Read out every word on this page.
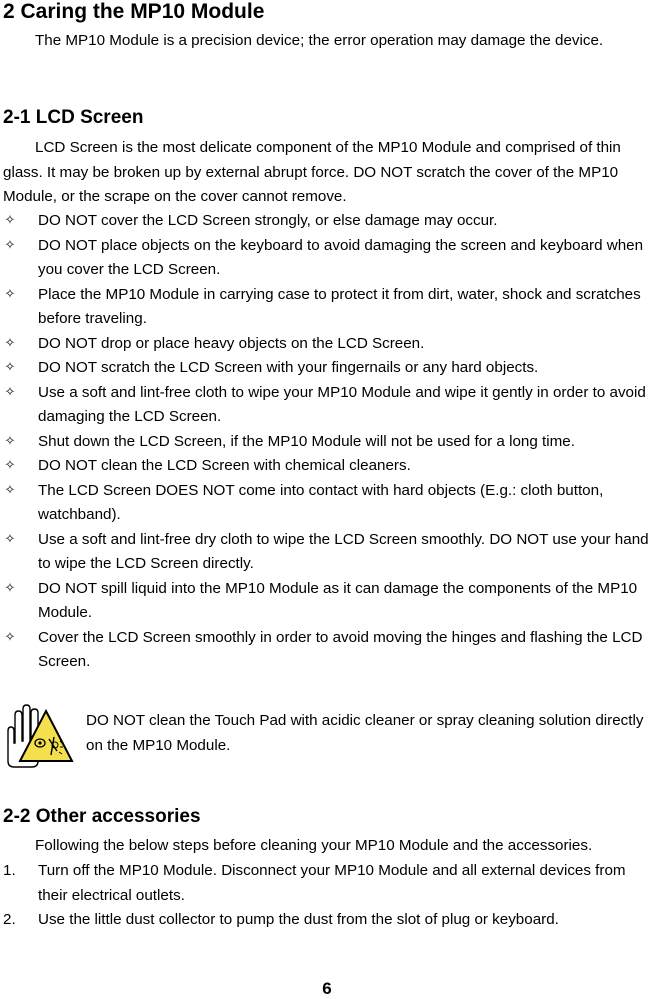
2 Caring the MP10 Module

The MP10 Module is a precision device; the error operation may damage the device.

2-1 LCD Screen

LCD Screen is the most delicate component of the MP10 Module and comprised of thin glass. It may be broken up by external abrupt force. DO NOT scratch the cover of the MP10 Module, or the scrape on the cover cannot remove.

✧ DO NOT cover the LCD Screen strongly, or else damage may occur.
✧ DO NOT place objects on the keyboard to avoid damaging the screen and keyboard when you cover the LCD Screen.
✧ Place the MP10 Module in carrying case to protect it from dirt, water, shock and scratches before traveling.
✧ DO NOT drop or place heavy objects on the LCD Screen.
✧ DO NOT scratch the LCD Screen with your fingernails or any hard objects.
✧ Use a soft and lint-free cloth to wipe your MP10 Module and wipe it gently in order to avoid damaging the LCD Screen.
✧ Shut down the LCD Screen, if the MP10 Module will not be used for a long time.
✧ DO NOT clean the LCD Screen with chemical cleaners.
✧ The LCD Screen DOES NOT come into contact with hard objects (E.g.: cloth button, watchband).
✧ Use a soft and lint-free dry cloth to wipe the LCD Screen smoothly. DO NOT use your hand to wipe the LCD Screen directly.
✧ DO NOT spill liquid into the MP10 Module as it can damage the components of the MP10 Module.
✧ Cover the LCD Screen smoothly in order to avoid moving the hinges and flashing the LCD Screen.
DO NOT clean the Touch Pad with acidic cleaner or spray cleaning solution directly on the MP10 Module.
2-2 Other accessories

Following the below steps before cleaning your MP10 Module and the accessories.

1. Turn off the MP10 Module. Disconnect your MP10 Module and all external devices from their electrical outlets.
2. Use the little dust collector to pump the dust from the slot of plug or keyboard.
6
